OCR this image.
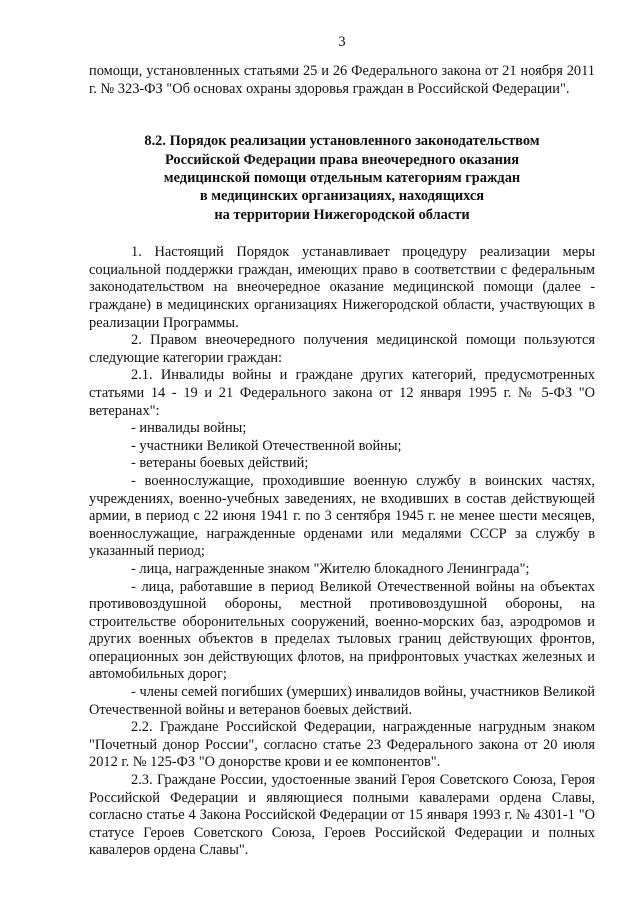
3

помощи, установленных статьями 25 и 26 Федерального закона от 21 ноября 2011 г. № 323-ФЗ "Об основах охраны здоровья граждан в Российской Федерации".

8.2. Порядок реализации установленного законодательством
Российской Федерации права внеочередного оказания
медицинской помощи отдельным категориям граждан
в медицинских организациях, находящихся
на территории Нижегородской области

1. Настоящий Порядок устанавливает процедуру реализации меры социальной поддержки граждан, имеющих право в соответствии с федеральным законодательством на внеочередное оказание медицинской помощи (далее - граждане) в медицинских организациях Нижегородской области, участвующих в реализации Программы.

2. Правом внеочередного получения медицинской помощи пользуются следующие категории граждан:

2.1. Инвалиды войны и граждане других категорий, предусмотренных статьями 14 - 19 и 21 Федерального закона от 12 января 1995 г. № 5-ФЗ "О ветеранах":

- инвалиды войны;

- участники Великой Отечественной войны;

- ветераны боевых действий;

- военнослужащие, проходившие военную службу в воинских частях, учреждениях, военно-учебных заведениях, не входивших в состав действующей армии, в период с 22 июня 1941 г. по 3 сентября 1945 г. не менее шести месяцев, военнослужащие, награжденные орденами или медалями СССР за службу в указанный период;

- лица, награжденные знаком "Жителю блокадного Ленинграда";

- лица, работавшие в период Великой Отечественной войны на объектах противовоздушной обороны, местной противовоздушной обороны, на строительстве оборонительных сооружений, военно-морских баз, аэродромов и других военных объектов в пределах тыловых границ действующих фронтов, операционных зон действующих флотов, на прифронтовых участках железных и автомобильных дорог;

- члены семей погибших (умерших) инвалидов войны, участников Великой Отечественной войны и ветеранов боевых действий.

2.2. Граждане Российской Федерации, награжденные нагрудным знаком "Почетный донор России", согласно статье 23 Федерального закона от 20 июля 2012 г. № 125-ФЗ "О донорстве крови и ее компонентов".

2.3. Граждане России, удостоенные званий Героя Советского Союза, Героя Российской Федерации и являющиеся полными кавалерами ордена Славы, согласно статье 4 Закона Российской Федерации от 15 января 1993 г. № 4301-1 "О статусе Героев Советского Союза, Героев Российской Федерации и полных кавалеров ордена Славы".
